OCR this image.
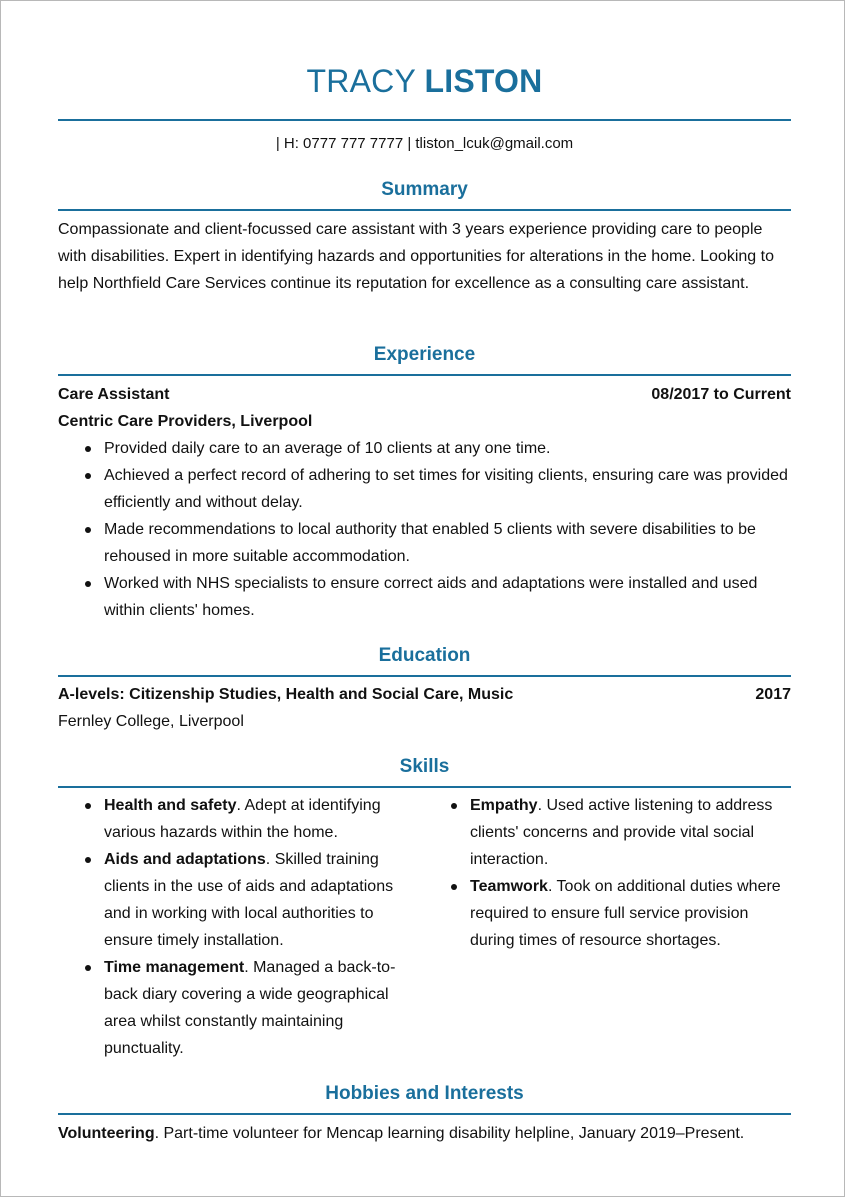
TRACY LISTON
| H: 0777 777 7777 | tliston_lcuk@gmail.com
Summary
Compassionate and client-focussed care assistant with 3 years experience providing care to people with disabilities. Expert in identifying hazards and opportunities for alterations in the home. Looking to help Northfield Care Services continue its reputation for excellence as a consulting care assistant.
Experience
Care Assistant	08/2017 to Current
Centric Care Providers, Liverpool
Provided daily care to an average of 10 clients at any one time.
Achieved a perfect record of adhering to set times for visiting clients, ensuring care was provided efficiently and without delay.
Made recommendations to local authority that enabled 5 clients with severe disabilities to be rehoused in more suitable accommodation.
Worked with NHS specialists to ensure correct aids and adaptations were installed and used within clients' homes.
Education
A-levels: Citizenship Studies, Health and Social Care, Music	2017
Fernley College, Liverpool
Skills
Health and safety. Adept at identifying various hazards within the home.
Aids and adaptations. Skilled training clients in the use of aids and adaptations and in working with local authorities to ensure timely installation.
Time management. Managed a back-to-back diary covering a wide geographical area whilst constantly maintaining punctuality.
Empathy. Used active listening to address clients' concerns and provide vital social interaction.
Teamwork. Took on additional duties where required to ensure full service provision during times of resource shortages.
Hobbies and Interests
Volunteering. Part-time volunteer for Mencap learning disability helpline, January 2019–Present.
